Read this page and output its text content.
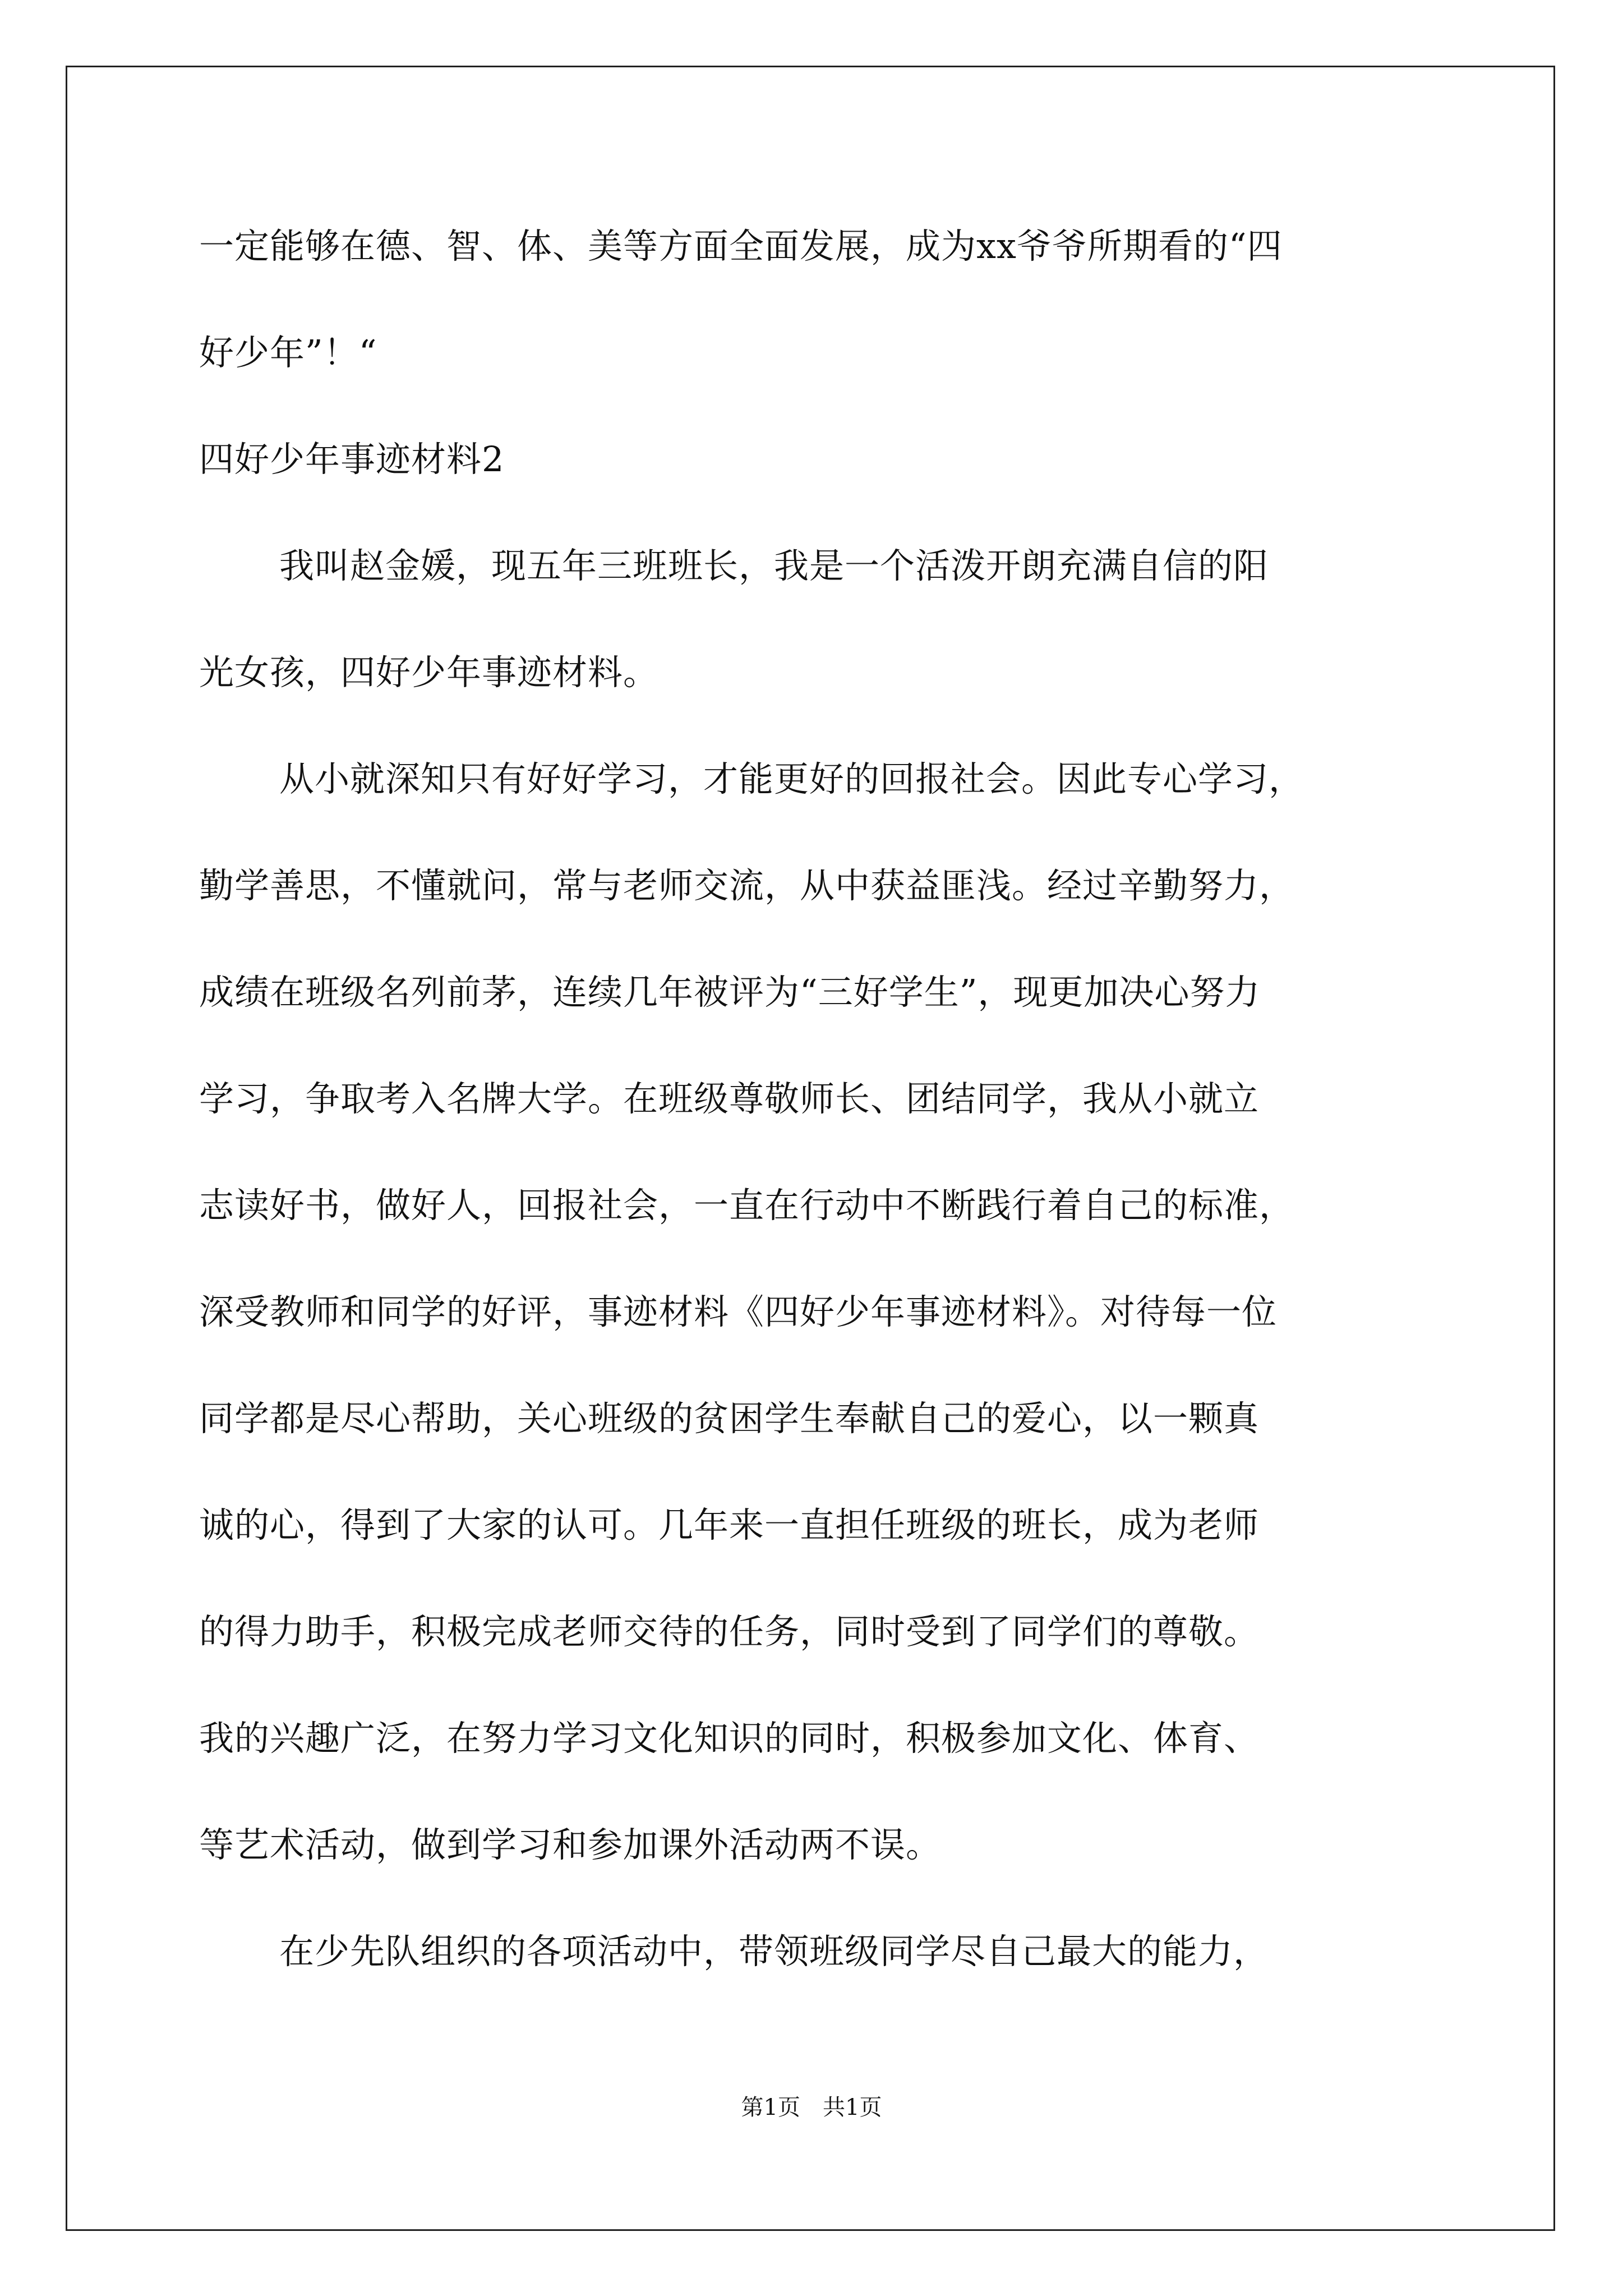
一定能够在德、智、体、美等方面全面发展，成为xx爷爷所期看的“四
好少年”！“
四好少年事迹材料2
我叫赵金媛，现五年三班班长，我是一个活泼开朗充满自信的阳
光女孩，四好少年事迹材料。
从小就深知只有好好学习，才能更好的回报社会。因此专心学习，
勤学善思，不懂就问，常与老师交流，从中获益匪浅。经过辛勤努力，
成绩在班级名列前茅，连续几年被评为“三好学生”，现更加决心努力
学习，争取考入名牌大学。在班级尊敬师长、团结同学，我从小就立
志读好书，做好人，回报社会，一直在行动中不断践行着自己的标准，
深受教师和同学的好评，事迹材料《四好少年事迹材料》。对待每一位
同学都是尽心帮助，关心班级的贫困学生奉献自己的爱心，以一颗真
诚的心，得到了大家的认可。几年来一直担任班级的班长，成为老师
的得力助手，积极完成老师交待的任务，同时受到了同学们的尊敬。
我的兴趣广泛，在努力学习文化知识的同时，积极参加文化、体育、
等艺术活动，做到学习和参加课外活动两不误。
在少先队组织的各项活动中，带领班级同学尽自己最大的能力，
第1页　共1页
